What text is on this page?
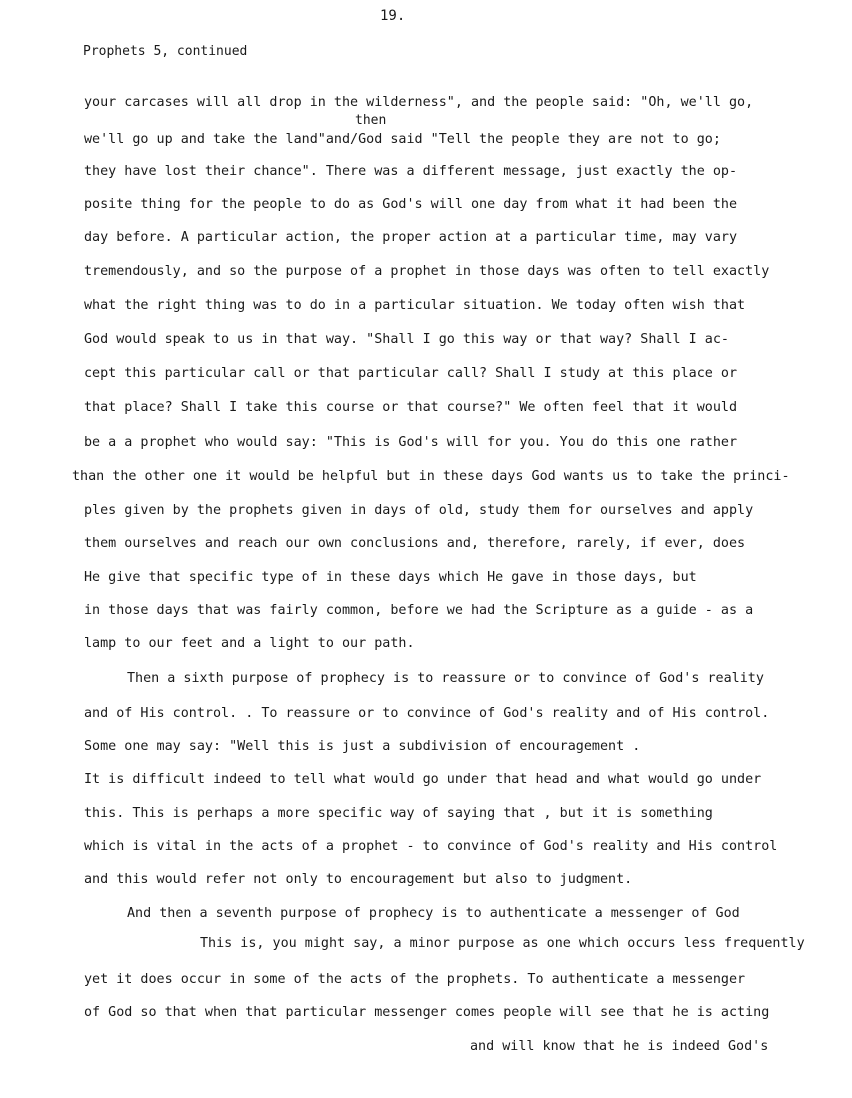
19.
Prophets 5, continued
then
your carcases will all drop in the wilderness", and the people said: "Oh, we'll go,
we'll go up and take the land"and/God said "Tell the people they are not to go;
they have lost their chance". There was a different message, just exactly the op-
posite thing for the people to do as God's will one day from what it had been the
day before. A particular action, the proper action at a particular time, may vary
tremendously, and so the purpose of a prophet in those days was often to tell exactly
what the right thing was to do in a particular situation. We today often wish that
God would speak to us in that way. "Shall I go this way or that way? Shall I ac-
cept this particular call or that particular call? Shall I study at this place or
that place? Shall I take this course or that course?" We often feel that it would
be a a prophet who would say: "This is God's will for you. You do this one rather
than the other one it would be helpful but in these days God wants us to take the princi-
ples given by the prophets given in days of old, study them for ourselves and apply
them ourselves and reach our own conclusions and, therefore, rarely, if ever, does
He give that specific type of in these days which He gave in those days, but
in those days that was fairly common, before we had the Scripture as a guide - as a
lamp to our feet and a light to our path.
Then a sixth purpose of prophecy is to reassure or to convince of God's reality
and of His control. . To reassure or to convince of God's reality and of His control.
Some one may say: "Well this is just a subdivision of encouragement .
It is difficult indeed to tell what would go under that head and what would go under
this. This is perhaps a more specific way of saying that , but it is something
which is vital in the acts of a prophet - to convince of God's reality and His control
and this would refer not only to encouragement but also to judgment.
And then a seventh purpose of prophecy is to authenticate a messenger of God
This is, you might say, a minor purpose as one which occurs less frequently
yet it does occur in some of the acts of the prophets. To authenticate a messenger
of God so that when that particular messenger comes people will see that he is acting
and will know that he is indeed God's
